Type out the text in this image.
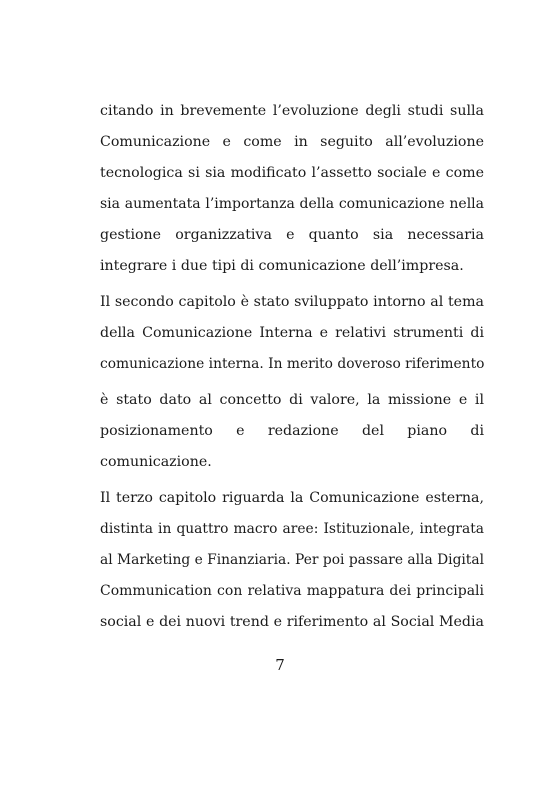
citando in brevemente l’evoluzione degli studi sulla
Comunicazione e come in seguito all’evoluzione
tecnologica si sia modificato l’assetto sociale e come
sia aumentata l’importanza della comunicazione nella
gestione organizzativa e quanto sia necessaria
integrare i due tipi di comunicazione dell’impresa.
Il secondo capitolo è stato sviluppato intorno al tema
della Comunicazione Interna e relativi strumenti di
comunicazione interna. In merito doveroso riferimento
è stato dato al concetto di valore, la missione e il
posizionamento e redazione del piano di
comunicazione.
Il terzo capitolo riguarda la Comunicazione esterna,
distinta in quattro macro aree: Istituzionale, integrata
al Marketing e Finanziaria. Per poi passare alla Digital
Communication con relativa mappatura dei principali
social e dei nuovi trend e riferimento al Social Media
7
